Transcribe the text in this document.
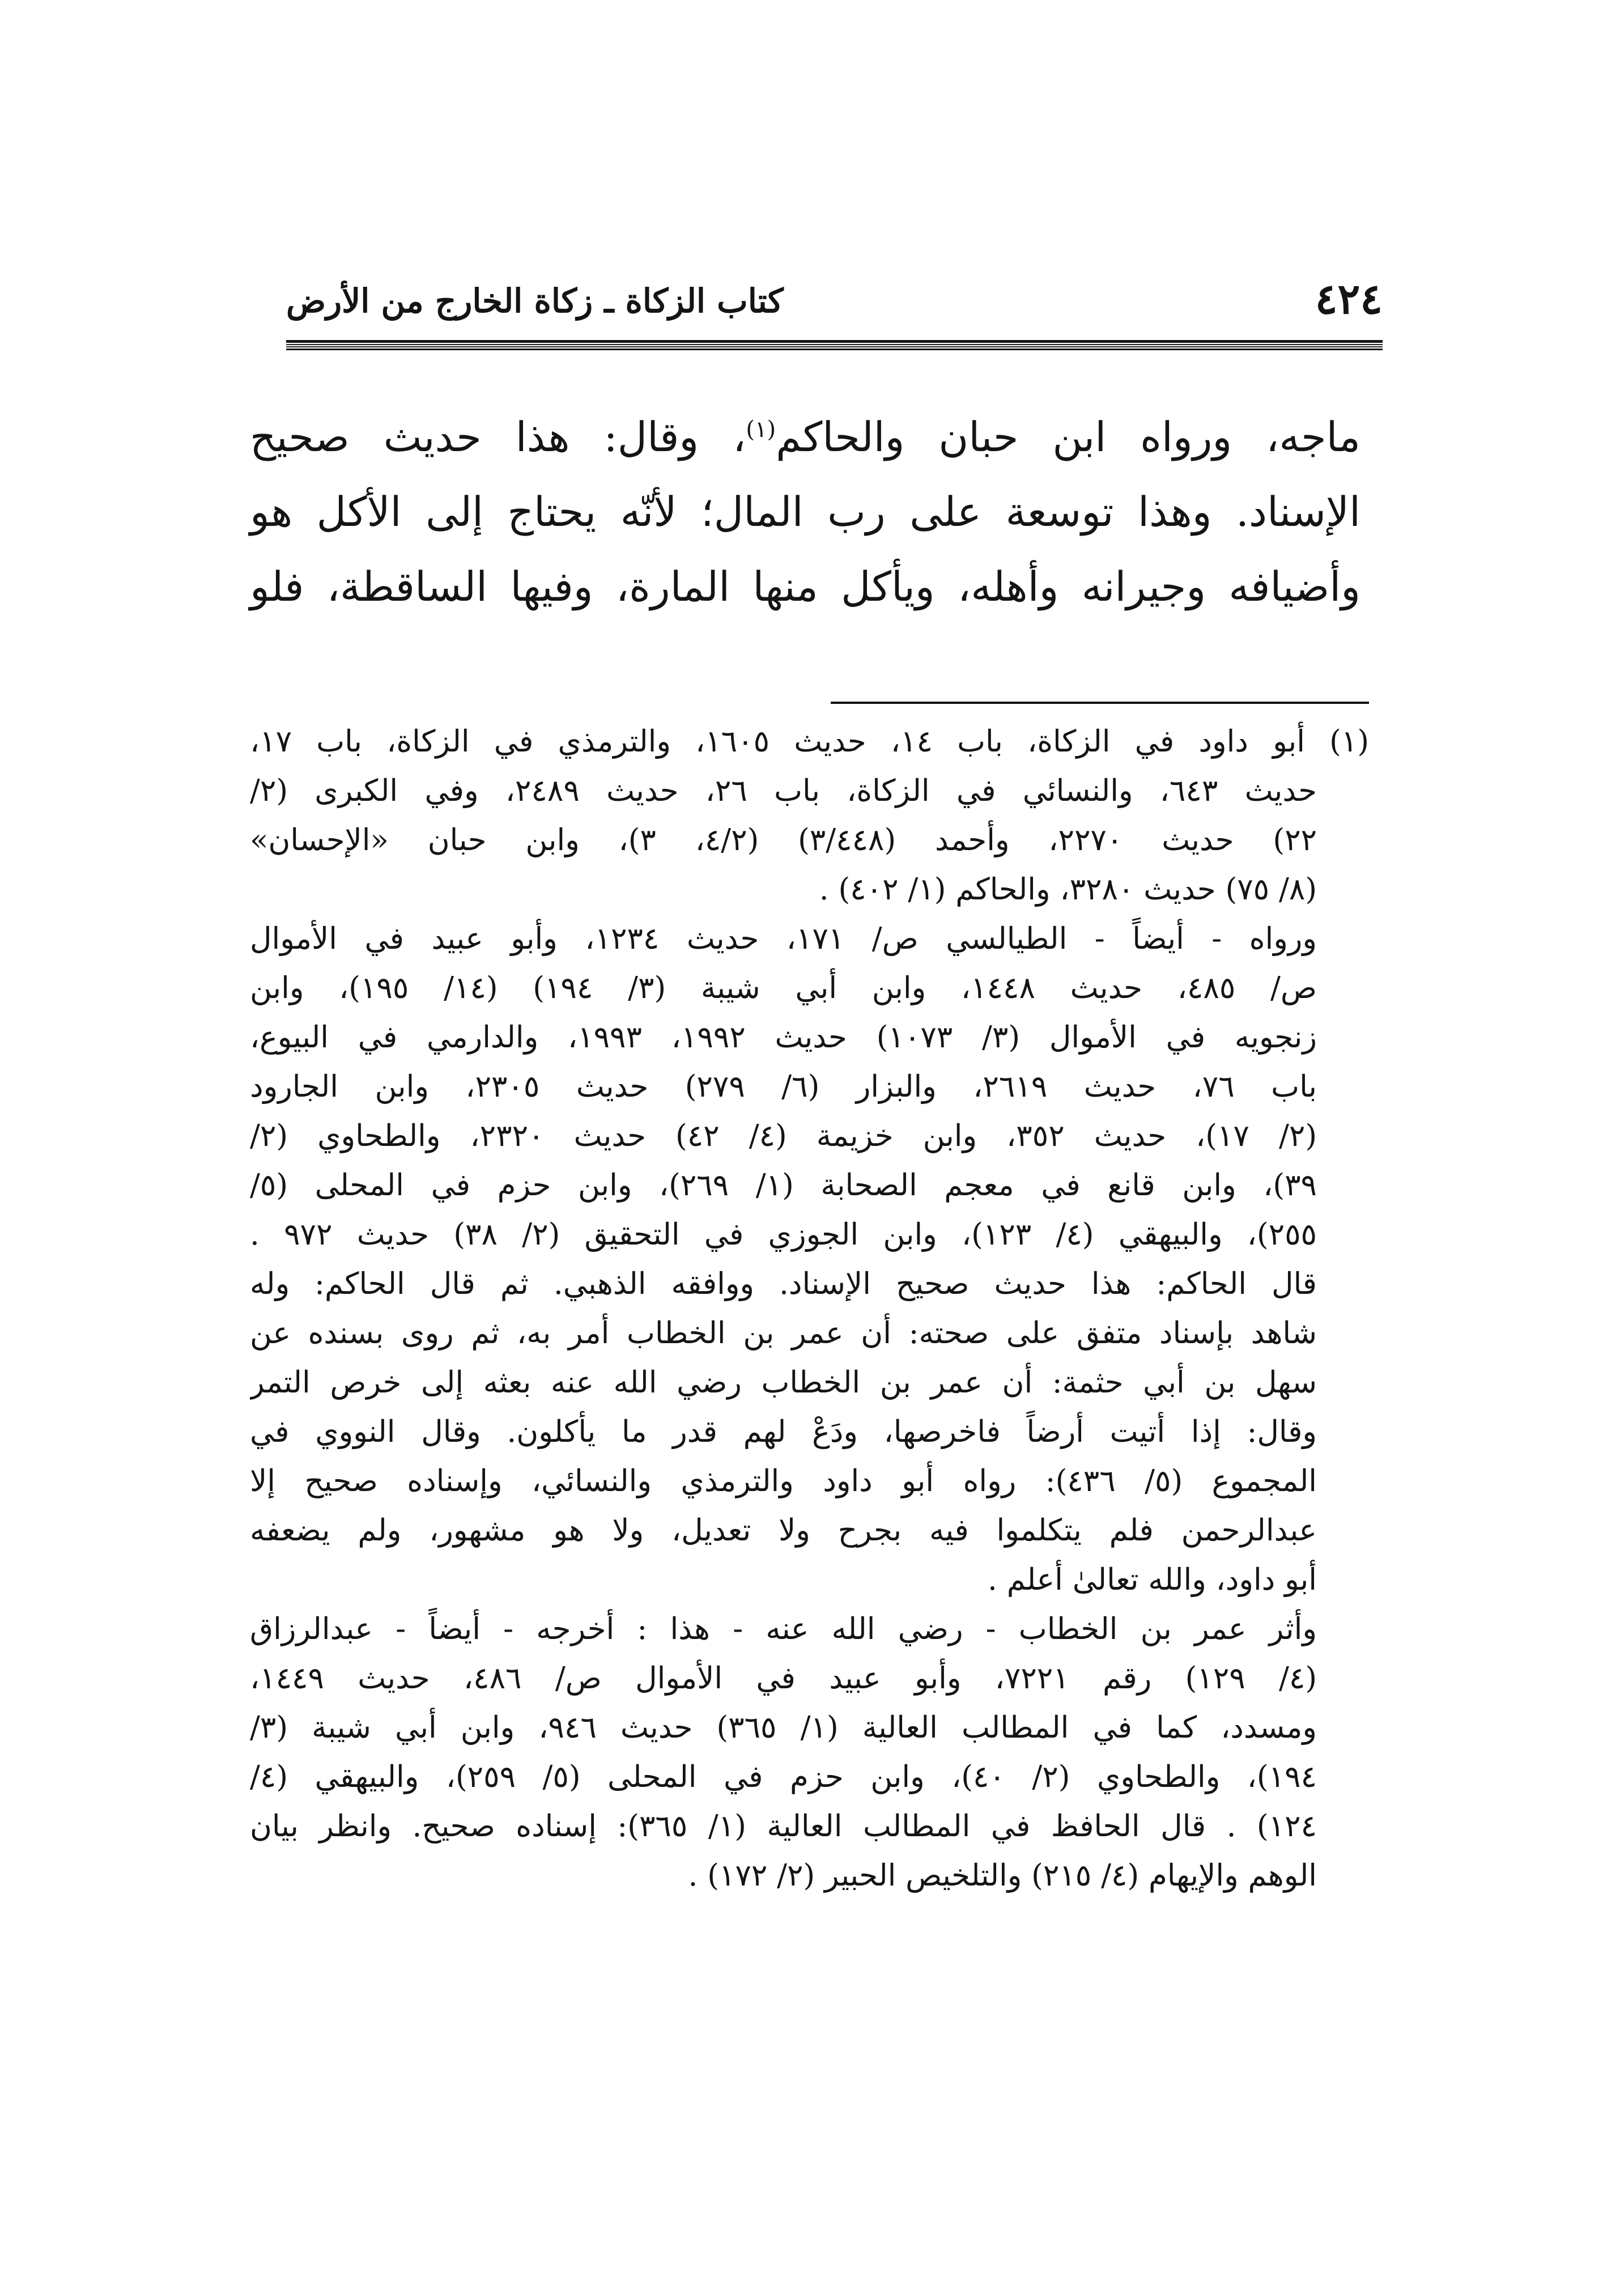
٤٢٤
كتاب الزكاة ـ زكاة الخارج من الأرض
ماجه، ورواه ابن حبان والحاكم$^{(١)}$، وقال: هذا حديث صحيح
الإسناد. وهذا توسعة على رب المال؛ لأنّه يحتاج إلى الأكل هو
وأضيافه وجيرانه وأهله، ويأكل منها المارة، وفيها الساقطة، فلو
(١) أبو داود في الزكاة، باب ١٤، حديث ١٦٠٥، والترمذي في الزكاة، باب ١٧،
حديث ٦٤٣، والنسائي في الزكاة، باب ٢٦، حديث ٢٤٨٩، وفي الكبرى (٢/
٢٢) حديث ٢٢٧٠، وأحمد (٣/٤٤٨) (٤/٢، ٣)، وابن حبان «الإحسان»
(٨/ ٧٥) حديث ٣٢٨٠، والحاكم (١/ ٤٠٢) .
ورواه - أيضاً - الطيالسي ص/ ١٧١، حديث ١٢٣٤، وأبو عبيد في الأموال
ص/ ٤٨٥، حديث ١٤٤٨، وابن أبي شيبة (٣/ ١٩٤) (١٤/ ١٩٥)، وابن
زنجويه في الأموال (٣/ ١٠٧٣) حديث ١٩٩٢، ١٩٩٣، والدارمي في البيوع،
باب ٧٦، حديث ٢٦١٩، والبزار (٦/ ٢٧٩) حديث ٢٣٠٥، وابن الجارود
(٢/ ١٧)، حديث ٣٥٢، وابن خزيمة (٤/ ٤٢) حديث ٢٣٢٠، والطحاوي (٢/
٣٩)، وابن قانع في معجم الصحابة (١/ ٢٦٩)، وابن حزم في المحلى (٥/
٢٥٥)، والبيهقي (٤/ ١٢٣)، وابن الجوزي في التحقيق (٢/ ٣٨) حديث ٩٧٢ .
قال الحاكم: هذا حديث صحيح الإسناد. ووافقه الذهبي. ثم قال الحاكم: وله
شاهد بإسناد متفق على صحته: أن عمر بن الخطاب أمر به، ثم روى بسنده عن
سهل بن أبي حثمة: أن عمر بن الخطاب رضي الله عنه بعثه إلى خرص التمر
وقال: إذا أتيت أرضاً فاخرصها، ودَعْ لهم قدر ما يأكلون. وقال النووي في
المجموع (٥/ ٤٣٦): رواه أبو داود والترمذي والنسائي، وإسناده صحيح إلا
عبدالرحمن فلم يتكلموا فيه بجرح ولا تعديل، ولا هو مشهور، ولم يضعفه
أبو داود، والله تعالىٰ أعلم .
وأثر عمر بن الخطاب - رضي الله عنه - هذا : أخرجه - أيضاً - عبدالرزاق
(٤/ ١٢٩) رقم ٧٢٢١، وأبو عبيد في الأموال ص/ ٤٨٦، حديث ١٤٤٩،
ومسدد، كما في المطالب العالية (١/ ٣٦٥) حديث ٩٤٦، وابن أبي شيبة (٣/
١٩٤)، والطحاوي (٢/ ٤٠)، وابن حزم في المحلى (٥/ ٢٥٩)، والبيهقي (٤/
١٢٤) . قال الحافظ في المطالب العالية (١/ ٣٦٥): إسناده صحيح. وانظر بيان
الوهم والإيهام (٤/ ٢١٥) والتلخيص الحبير (٢/ ١٧٢) .
